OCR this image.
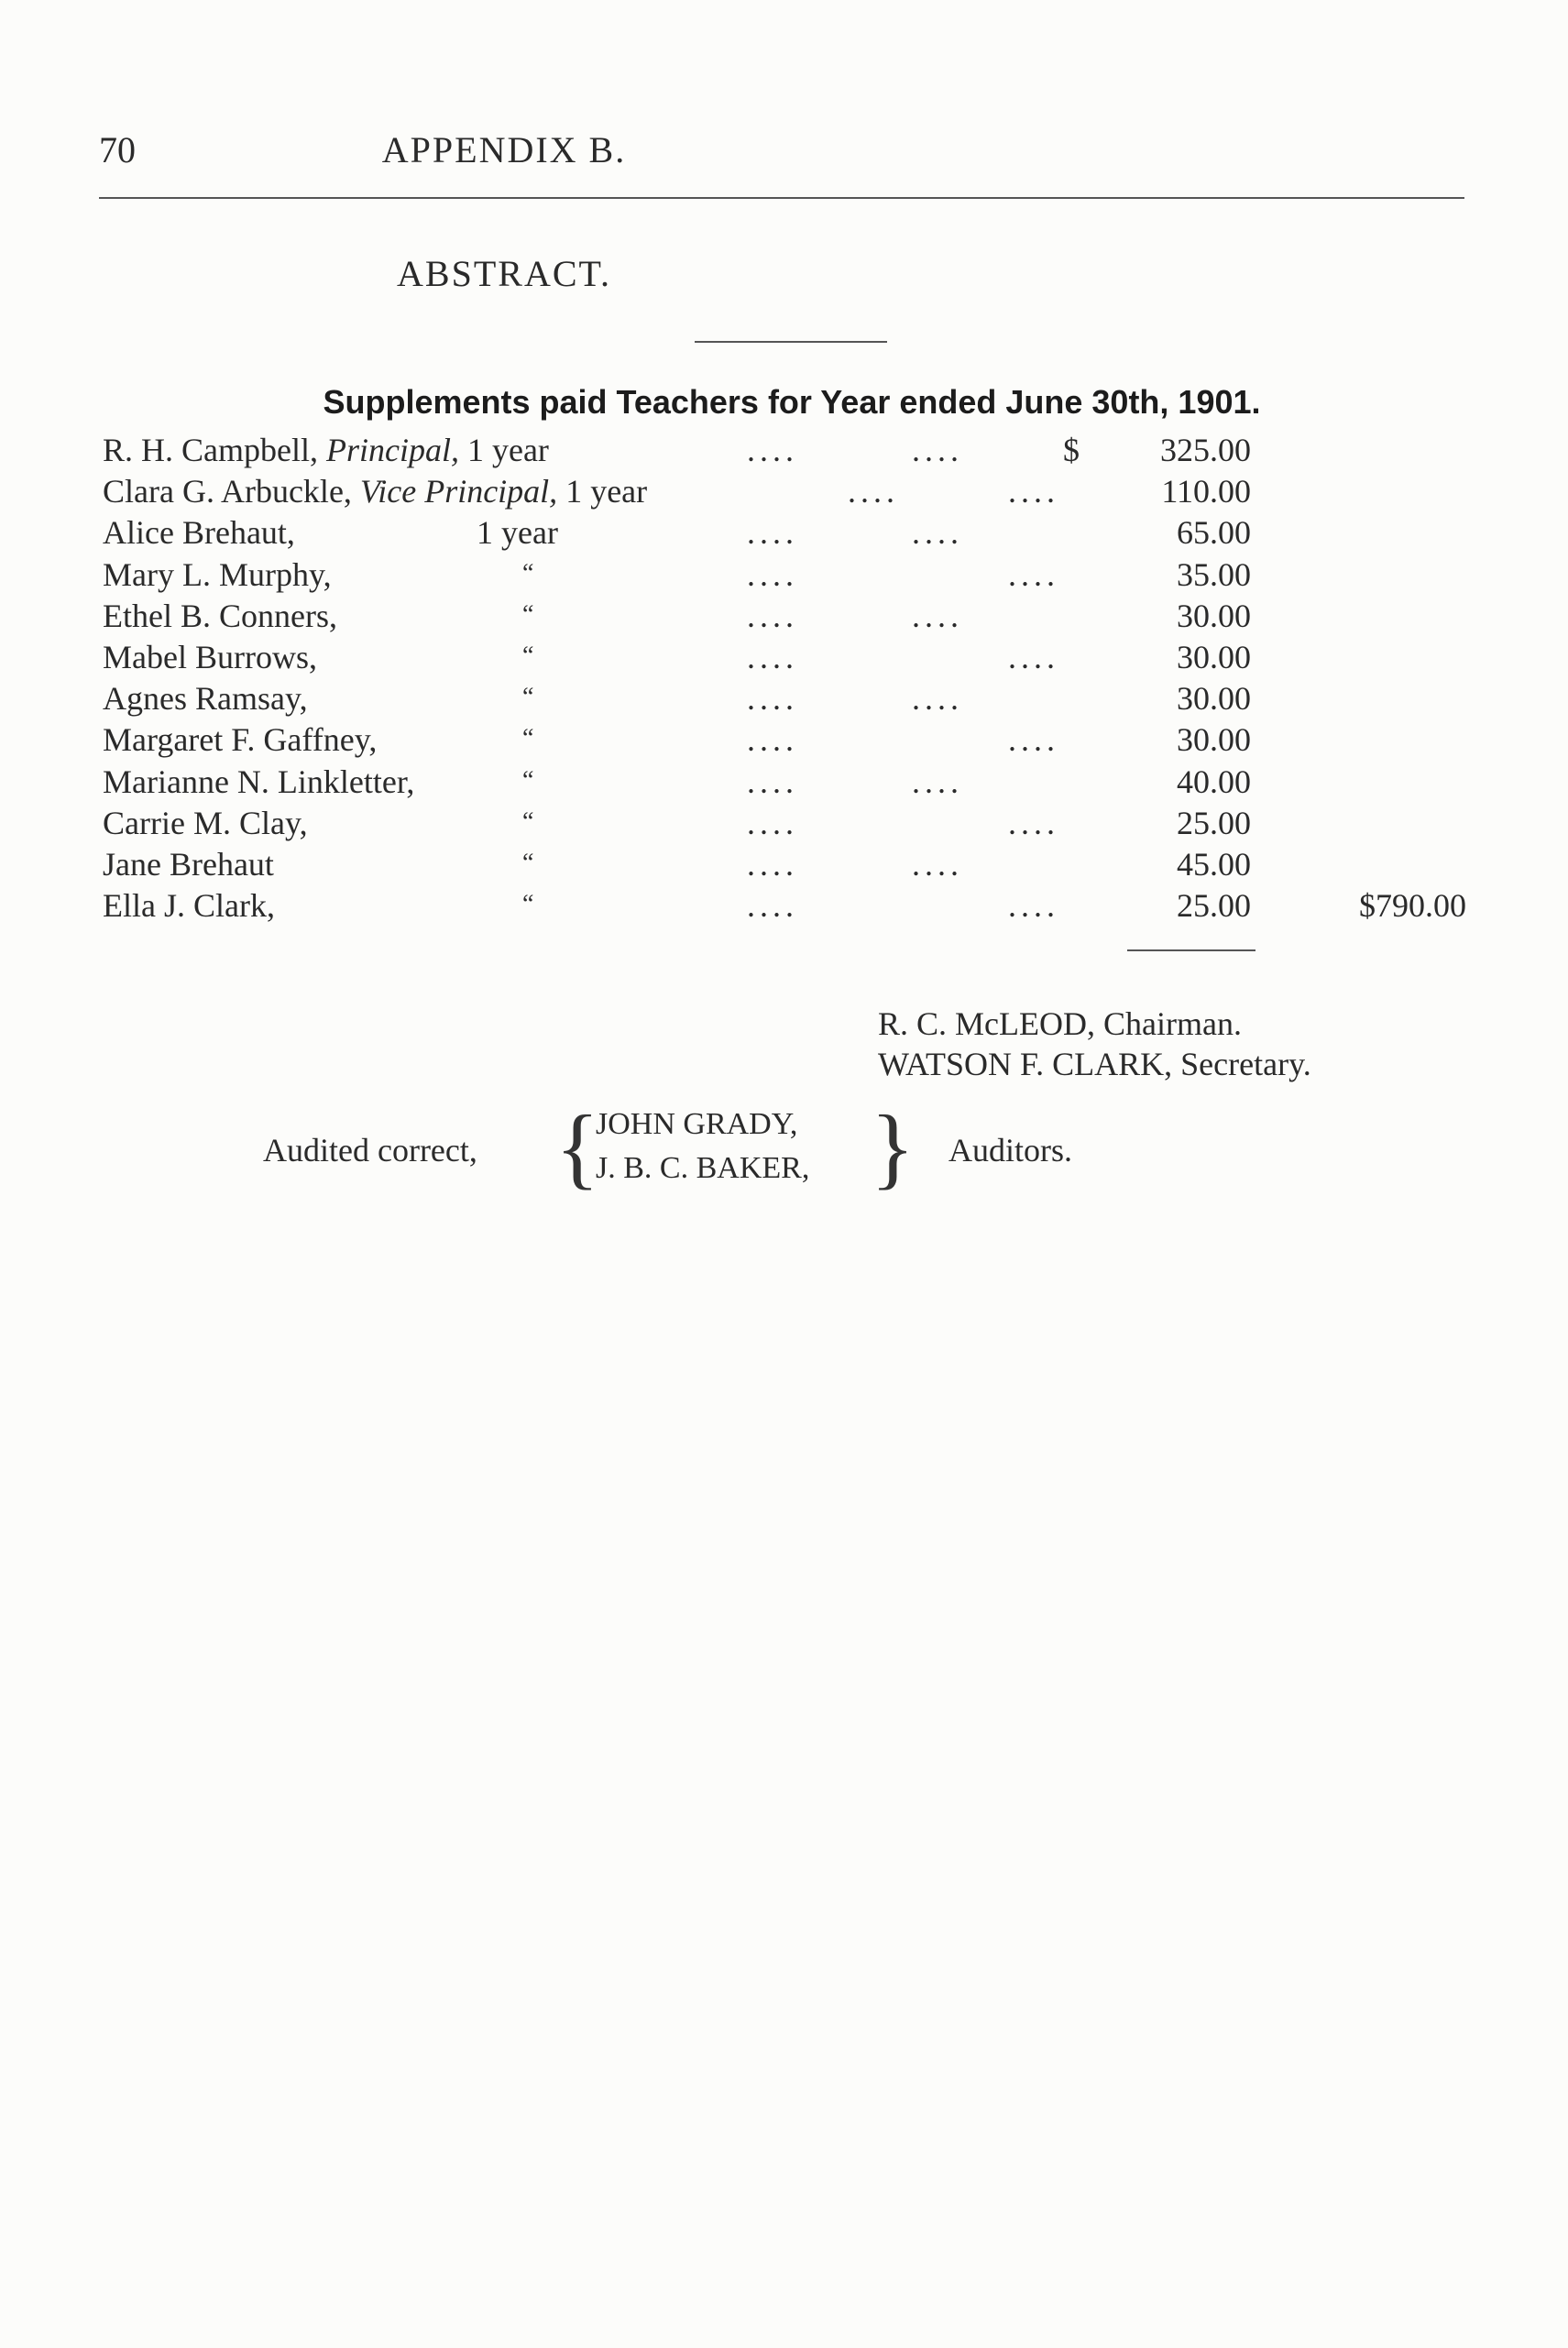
70	APPENDIX B.
ABSTRACT.
Supplements paid Teachers for Year ended June 30th, 1901.
R. H. Campbell, Principal, 1 year	....	....	$	325.00
Clara G. Arbuckle, Vice Principal, 1 year	....	....	110.00
Alice Brehaut,	1 year	....	....	65.00
Mary L. Murphy,	“	....	....	35.00
Ethel B. Conners,	“	....	....	30.00
Mabel Burrows,	“	....	....	30.00
Agnes Ramsay,	“	....	....	30.00
Margaret F. Gaffney,	“	....	....	30.00
Marianne N. Linkletter,	“	....	....	40.00
Carrie M. Clay,	“	....	....	25.00
Jane Brehaut	“	....	....	45.00
Ella J. Clark,	“	....	....	25.00	$790.00
R. C. McLEOD, Chairman.
WATSON F. CLARK, Secretary.
Audited correct, {
JOHN GRADY,
J. B. C. BAKER, } Auditors.
